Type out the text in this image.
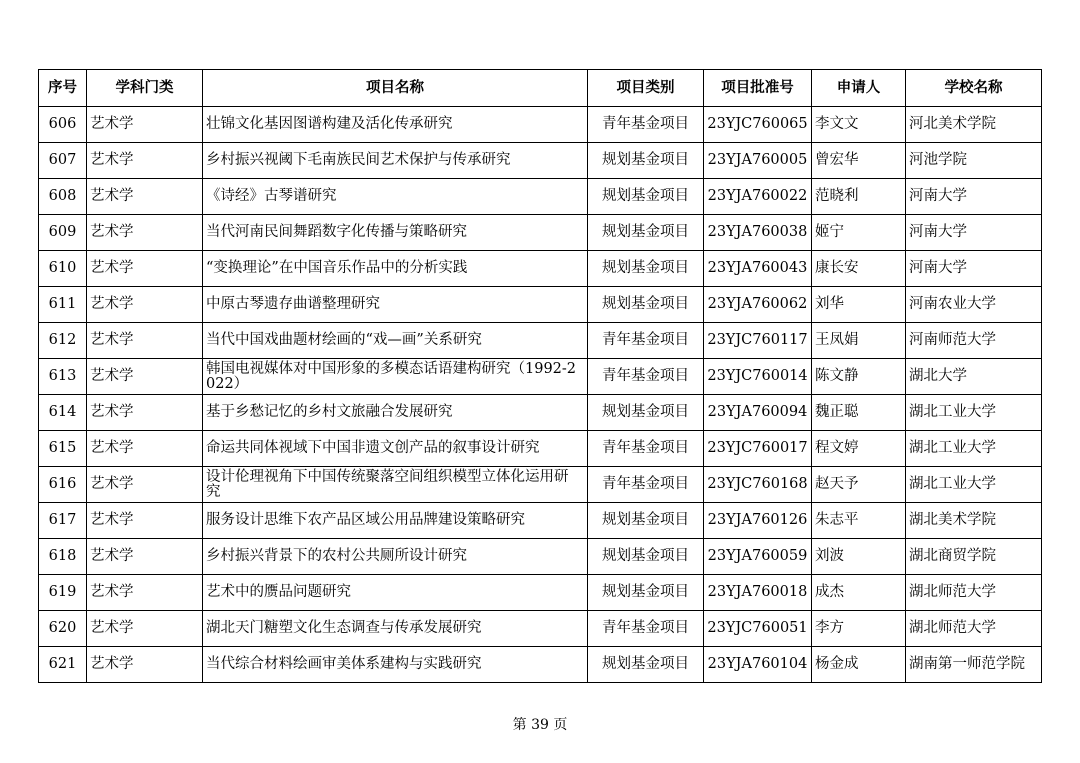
序号	学科门类	项目名称	项目类别	项目批准号	申请人	学校名称
606	艺术学	壮锦文化基因图谱构建及活化传承研究	青年基金项目	23YJC760065	李文文	河北美术学院
607	艺术学	乡村振兴视阈下毛南族民间艺术保护与传承研究	规划基金项目	23YJA760005	曾宏华	河池学院
608	艺术学	《诗经》古琴谱研究	规划基金项目	23YJA760022	范晓利	河南大学
609	艺术学	当代河南民间舞蹈数字化传播与策略研究	规划基金项目	23YJA760038	姬宁	河南大学
610	艺术学	“变换理论”在中国音乐作品中的分析实践	规划基金项目	23YJA760043	康长安	河南大学
611	艺术学	中原古琴遗存曲谱整理研究	规划基金项目	23YJA760062	刘华	河南农业大学
612	艺术学	当代中国戏曲题材绘画的“戏—画”关系研究	青年基金项目	23YJC760117	王凤娟	河南师范大学
613	艺术学	韩国电视媒体对中国形象的多模态话语建构研究（1992-2022）	青年基金项目	23YJC760014	陈文静	湖北大学
614	艺术学	基于乡愁记忆的乡村文旅融合发展研究	规划基金项目	23YJA760094	魏正聪	湖北工业大学
615	艺术学	命运共同体视域下中国非遗文创产品的叙事设计研究	青年基金项目	23YJC760017	程文婷	湖北工业大学
616	艺术学	设计伦理视角下中国传统聚落空间组织模型立体化运用研究	青年基金项目	23YJC760168	赵天予	湖北工业大学
617	艺术学	服务设计思维下农产品区域公用品牌建设策略研究	规划基金项目	23YJA760126	朱志平	湖北美术学院
618	艺术学	乡村振兴背景下的农村公共厕所设计研究	规划基金项目	23YJA760059	刘波	湖北商贸学院
619	艺术学	艺术中的赝品问题研究	规划基金项目	23YJA760018	成杰	湖北师范大学
620	艺术学	湖北天门糖塑文化生态调查与传承发展研究	青年基金项目	23YJC760051	李方	湖北师范大学
621	艺术学	当代综合材料绘画审美体系建构与实践研究	规划基金项目	23YJA760104	杨金成	湖南第一师范学院
第 39 页
